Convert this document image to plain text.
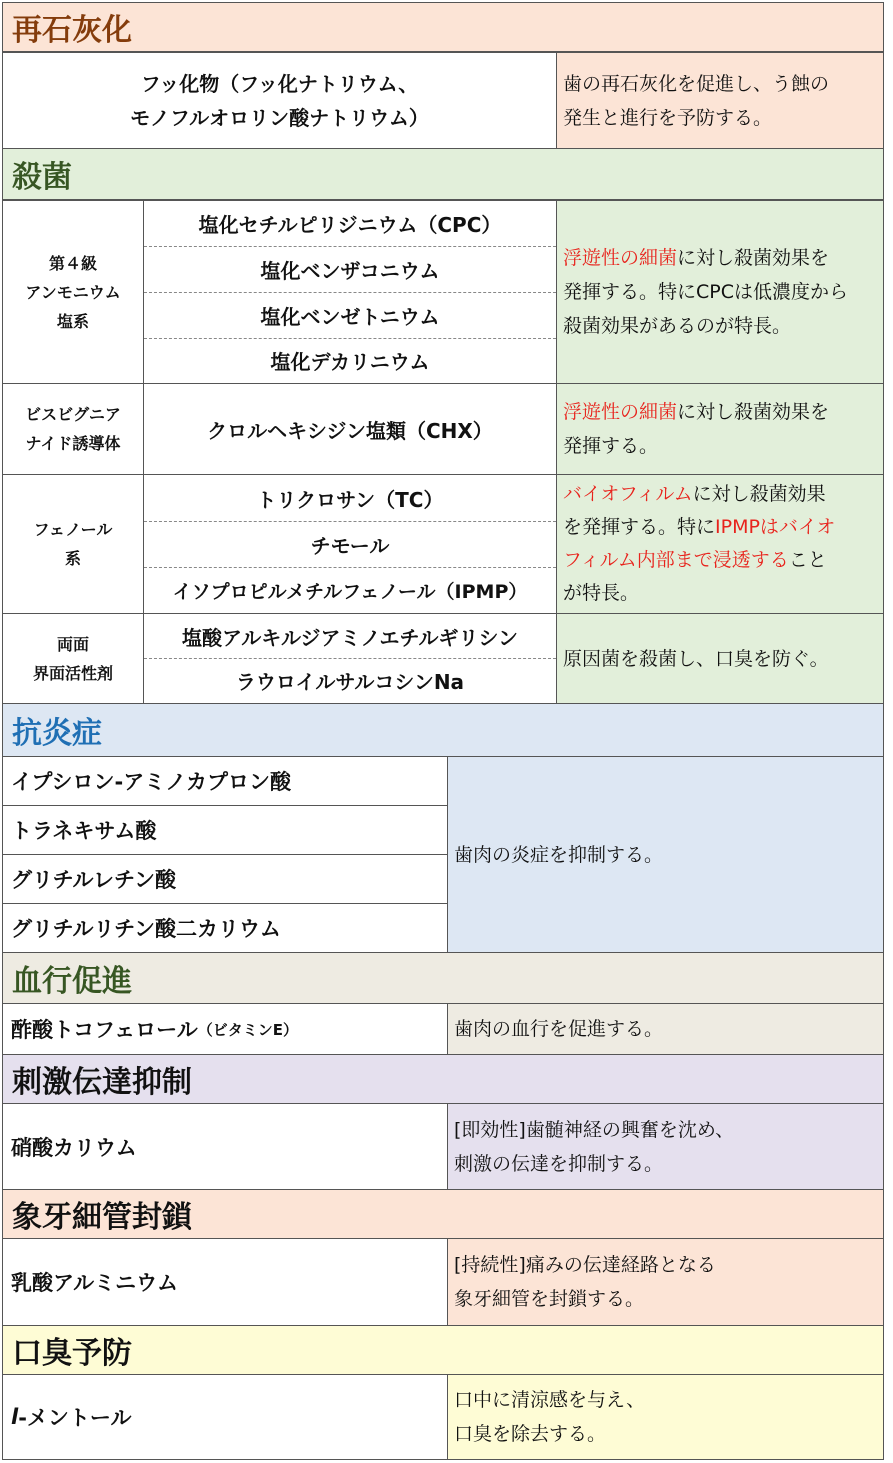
再石灰化
フッ化物（フッ化ナトリウム、
モノフルオロリン酸ナトリウム）
歯の再石灰化を促進し、う蝕の
発生と進行を予防する。
殺菌
第４級
アンモニウム
塩系
塩化セチルピリジニウム（CPC）
塩化ベンザコニウム
塩化ベンゼトニウム
塩化デカリニウム
浮遊性の細菌に対し殺菌効果を
発揮する。特にCPCは低濃度から
殺菌効果があるのが特長。
ビスビグニア
ナイド誘導体
クロルヘキシジン塩類（CHX）
浮遊性の細菌に対し殺菌効果を
発揮する。
フェノール
系
トリクロサン（TC）
チモール
イソプロピルメチルフェノール（IPMP）
バイオフィルムに対し殺菌効果
を発揮する。特にIPMPはバイオ
フィルム内部まで浸透すること
が特長。
両面
界面活性剤
塩酸アルキルジアミノエチルギリシン
ラウロイルサルコシンNa
原因菌を殺菌し、口臭を防ぐ。
抗炎症
イプシロン-アミノカプロン酸
トラネキサム酸
グリチルレチン酸
グリチルリチン酸二カリウム
歯肉の炎症を抑制する。
血行促進
酢酸トコフェロール （ビタミンE）	歯肉の血行を促進する。
刺激伝達抑制
硝酸カリウム
[即効性]歯髄神経の興奮を沈め、
刺激の伝達を抑制する。
象牙細管封鎖
乳酸アルミニウム
[持続性]痛みの伝達経路となる
象牙細管を封鎖する。
口臭予防
l -メントール
口中に清涼感を与え、
口臭を除去する。
